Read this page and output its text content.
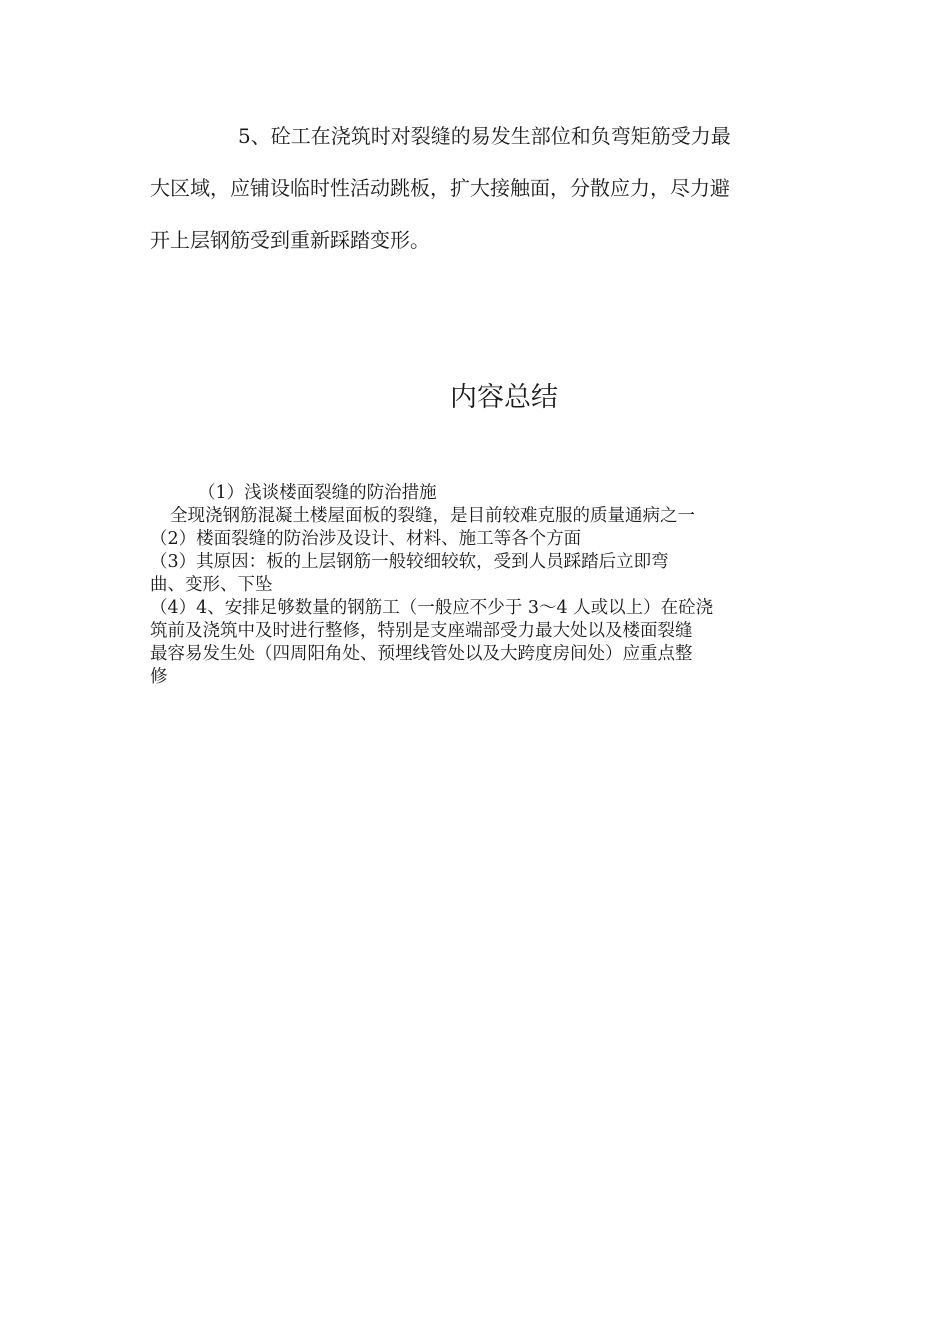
5、砼工在浇筑时对裂缝的易发生部位和负弯矩筋受力最
大区域，应铺设临时性活动跳板，扩大接触面，分散应力，尽力避
开上层钢筋受到重新踩踏变形。
内容总结
（1）浅谈楼面裂缝的防治措施
全现浇钢筋混凝土楼屋面板的裂缝，是目前较难克服的质量通病之一
（2）楼面裂缝的防治涉及设计、材料、施工等各个方面
（3）其原因：板的上层钢筋一般较细较软，受到人员踩踏后立即弯
曲、变形、下坠
（4）4、安排足够数量的钢筋工（一般应不少于 3～4 人或以上）在砼浇
筑前及浇筑中及时进行整修，特别是支座端部受力最大处以及楼面裂缝
最容易发生处（四周阳角处、预埋线管处以及大跨度房间处）应重点整
修
